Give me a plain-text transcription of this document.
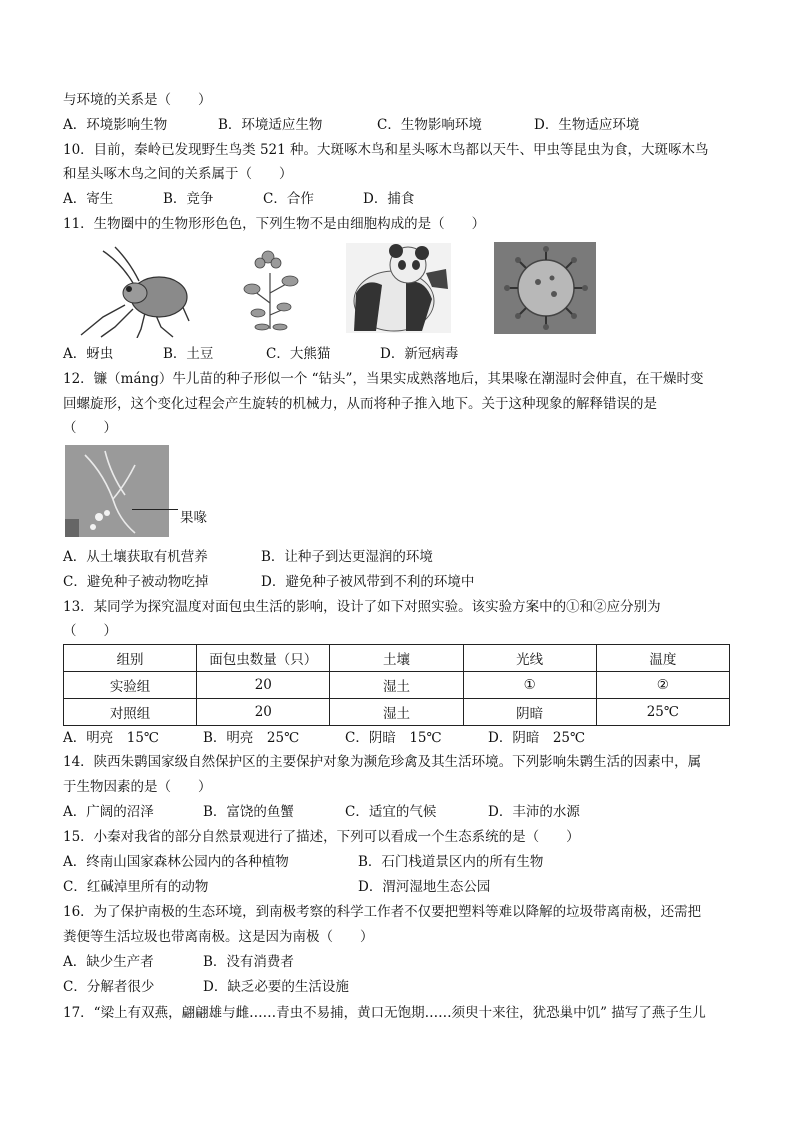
与环境的关系是（　　）
A．环境影响生物	B．环境适应生物	C．生物影响环境	D．生物适应环境
10．目前，秦岭已发现野生鸟类 521 种。大斑啄木鸟和星头啄木鸟都以天牛、甲虫等昆虫为食，大斑啄木鸟
和星头啄木鸟之间的关系属于（　　）
A．寄生	B．竞争	C．合作	D．捕食
11．生物圈中的生物形形色色，下列生物不是由细胞构成的是（　　）
A．蚜虫	B．土豆	C．大熊猫	D．新冠病毒
12．镰（máng）牛儿苗的种子形似一个 “钻头”，当果实成熟落地后，其果喙在潮湿时会伸直，在干燥时变
回螺旋形，这个变化过程会产生旋转的机械力，从而将种子推入地下。关于这种现象的解释错误的是
（　　）
果喙
A．从土壤获取有机营养	B．让种子到达更湿润的环境
C．避免种子被动物吃掉	D．避免种子被风带到不利的环境中
13．某同学为探究温度对面包虫生活的影响，设计了如下对照实验。该实验方案中的①和②应分别为
（　　）
组别	面包虫数量（只）	土壤	光线	温度
实验组	20	湿土	①	②
对照组	20	湿土	阴暗	25℃
A．明亮　15℃	B．明亮　25℃	C．阴暗　15℃	D．阴暗　25℃
14．陕西朱鹮国家级自然保护区的主要保护对象为濒危珍禽及其生活环境。下列影响朱鹮生活的因素中，属
于生物因素的是（　　）
A．广阔的沼泽	B．富饶的鱼蟹	C．适宜的气候	D．丰沛的水源
15．小秦对我省的部分自然景观进行了描述，下列可以看成一个生态系统的是（　　）
A．终南山国家森林公园内的各种植物	B．石门栈道景区内的所有生物
C．红碱淖里所有的动物	D．渭河湿地生态公园
16．为了保护南极的生态环境，到南极考察的科学工作者不仅要把塑料等难以降解的垃圾带离南极，还需把
粪便等生活垃圾也带离南极。这是因为南极（　　）
A．缺少生产者	B．没有消费者
C．分解者很少	D．缺乏必要的生活设施
17．“梁上有双燕，翩翩雄与雌……青虫不易捕，黄口无饱期……须臾十来往，犹恐巢中饥” 描写了燕子生儿
